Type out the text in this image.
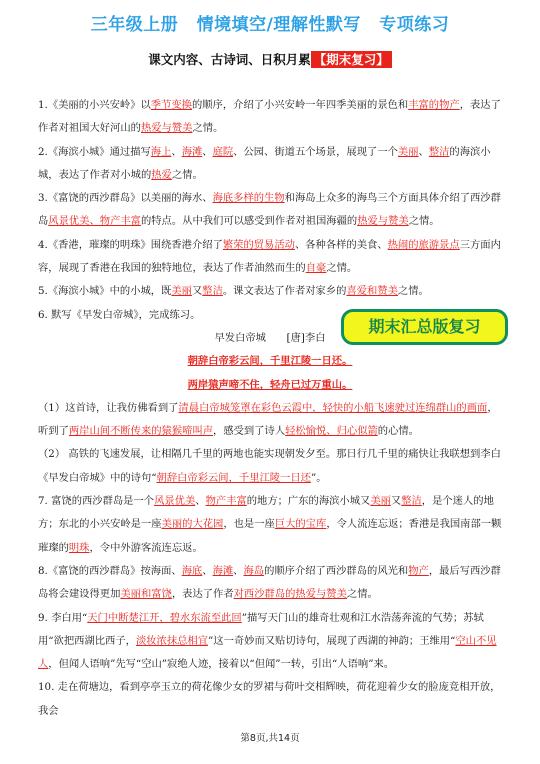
三年级上册 情境填空/理解性默写 专项练习
课文内容、古诗词、日积月累 【期末复习】

1.《美丽的小兴安岭》以季节变换的顺序，介绍了小兴安岭一年四季美丽的景色和丰富的物产，表达了作者对祖国大好河山的热爱与赞美之情。

2.《海滨小城》通过描写海上、海滩、庭院、公园、街道五个场景，展现了一个美丽、整洁的海滨小城，表达了作者对小城的热爱之情。

3.《富饶的西沙群岛》以美丽的海水、海底多样的生物和海岛上众多的海鸟三个方面具体介绍了西沙群岛风景优美、物产丰富的特点。从中我们可以感受到作者对祖国海疆的热爱与赞美之情。

4.《香港，璀璨的明珠》围绕香港介绍了繁荣的贸易活动、各种各样的美食、热闹的旅游景点三方面内容，展现了香港在我国的独特地位，表达了作者油然而生的自豪之情。

5.《海滨小城》中的小城，既美丽又整洁。课文表达了作者对家乡的喜爱和赞美之情。

6. 默写《早发白帝城》，完成练习。

早发白帝城　　[唐]李白

朝辞白帝彩云间，千里江陵一日还。

两岸猿声啼不住，轻舟已过万重山。

（1）这首诗，让我仿佛看到了清晨白帝城笼罩在彩色云霞中，轻快的小船飞速驶过连绵群山的画面，听到了两岸山间不断传来的猿猴啼叫声，感受到了诗人轻松愉悦、归心似箭的心情。

（2） 高铁的飞速发展，让相隔几千里的两地也能实现朝发夕至。那日行几千里的痛快让我联想到李白《早发白帝城》中的诗句“朝辞白帝彩云间，千里江陵一日还”。

7. 富饶的西沙群岛是一个风景优美、物产丰富的地方；广东的海滨小城又美丽又整洁，是个迷人的地方；东北的小兴安岭是一座美丽的大花园，也是一座巨大的宝库，令人流连忘返；香港是我国南部一颗璀璨的明珠，令中外游客流连忘返。

8.《富饶的西沙群岛》按海面、海底、海滩、海岛的顺序介绍了西沙群岛的风光和物产，最后写西沙群岛将会建设得更加美丽和富饶，表达了作者对西沙群岛的热爱与赞美之情。

9. 李白用“天门中断楚江开，碧水东流至此回”描写天门山的雄奇壮观和江水浩荡奔流的气势；苏轼用“欲把西湖比西子，淡妆浓抹总相宜”这一奇妙而又贴切诗句，展现了西湖的神韵；王维用“空山不见人，但闻人语响”先写“空山”寂绝人迹，接着以“但闻”一转，引出“人语响”来。

10. 走在荷塘边，看到亭亭玉立的荷花像少女的罗裙与荷叶交相辉映，荷花迎着少女的脸庞竞相开放，我会

期末汇总版复习
第8页,共14页
